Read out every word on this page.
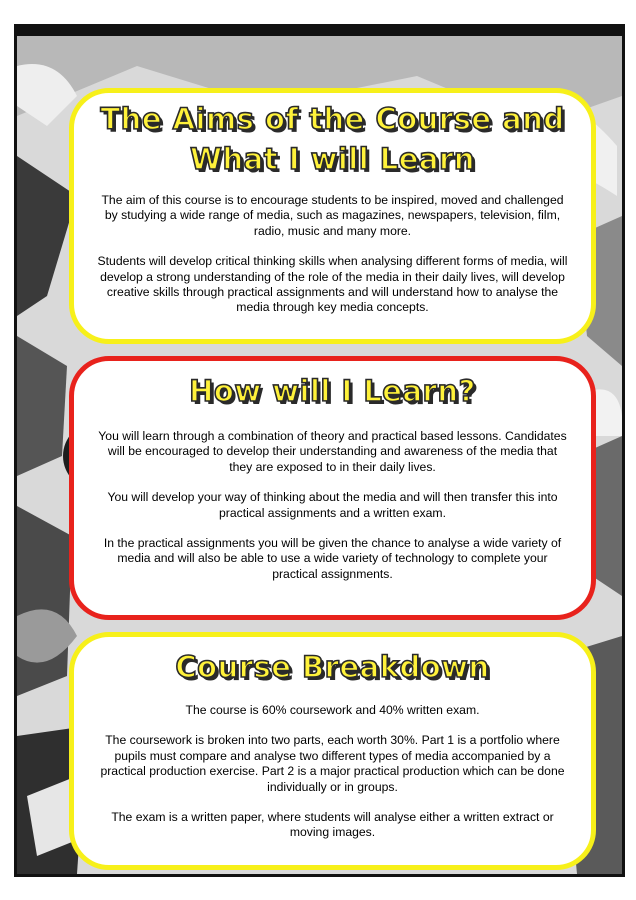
The Aims of the Course and
What I will Learn

The aim of this course is to encourage students to be inspired, moved and challenged by studying a wide range of media, such as magazines, newspapers, television, film, radio, music and many more.

Students will develop critical thinking skills when analysing different forms of media, will develop a strong understanding of the role of the media in their daily lives, will develop creative skills through practical assignments and will understand how to analyse the media through key media concepts.

How will I Learn?

You will learn through a combination of theory and practical based lessons. Candidates will be encouraged to develop their understanding and awareness of the media that they are exposed to in their daily lives.

You will develop your way of thinking about the media and will then transfer this into practical assignments and a written exam.

In the practical assignments you will be given the chance to analyse a wide variety of media and will also be able to use a wide variety of technology to complete your practical assignments.

Course Breakdown

The course is 60% coursework and 40% written exam.

The coursework is broken into two parts, each worth 30%. Part 1 is a portfolio where pupils must compare and analyse two different types of media accompanied by a practical production exercise. Part 2 is a major practical production which can be done individually or in groups.

The exam is a written paper, where students will analyse either a written extract or moving images.
